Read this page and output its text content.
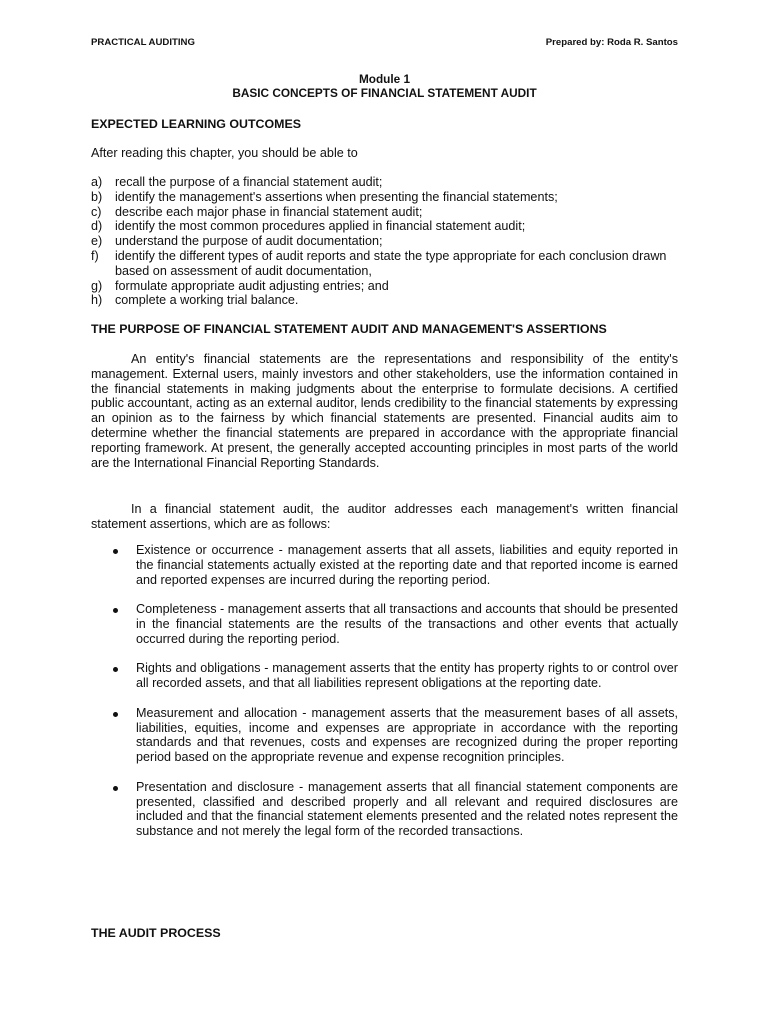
PRACTICAL AUDITING	Prepared by: Roda R. Santos
Module 1
BASIC CONCEPTS OF FINANCIAL STATEMENT AUDIT
EXPECTED LEARNING OUTCOMES
After reading this chapter, you should be able to
a)	recall the purpose of a financial statement audit;
b)	identify the management's assertions when presenting the financial statements;
c)	describe each major phase in financial statement audit;
d)	identify the most common procedures applied in financial statement audit;
e)	understand the purpose of audit documentation;
f)	identify the different types of audit reports and state the type appropriate for each conclusion drawn based on assessment of audit documentation,
g)	formulate appropriate audit adjusting entries; and
h)	complete a working trial balance.
THE PURPOSE OF FINANCIAL STATEMENT AUDIT AND MANAGEMENT'S ASSERTIONS

An entity's financial statements are the representations and responsibility of the entity's management. External users, mainly investors and other stakeholders, use the information contained in the financial statements in making judgments about the enterprise to formulate decisions. A certified public accountant, acting as an external auditor, lends credibility to the financial statements by expressing an opinion as to the fairness by which financial statements are presented. Financial audits aim to determine whether the financial statements are prepared in accordance with the appropriate financial reporting framework. At present, the generally accepted accounting principles in most parts of the world are the International Financial Reporting Standards.

In a financial statement audit, the auditor addresses each management's written financial statement assertions, which are as follows:

Existence or occurrence - management asserts that all assets, liabilities and equity reported in the financial statements actually existed at the reporting date and that reported income is earned and reported expenses are incurred during the reporting period.
Completeness - management asserts that all transactions and accounts that should be presented in the financial statements are the results of the transactions and other events that actually occurred during the reporting period.
Rights and obligations - management asserts that the entity has property rights to or control over all recorded assets, and that all liabilities represent obligations at the reporting date.
Measurement and allocation - management asserts that the measurement bases of all assets, liabilities, equities, income and expenses are appropriate in accordance with the reporting standards and that revenues, costs and expenses are recognized during the proper reporting period based on the appropriate revenue and expense recognition principles.
Presentation and disclosure - management asserts that all financial statement components are presented, classified and described properly and all relevant and required disclosures are included and that the financial statement elements presented and the related notes represent the substance and not merely the legal form of the recorded transactions.
THE AUDIT PROCESS
